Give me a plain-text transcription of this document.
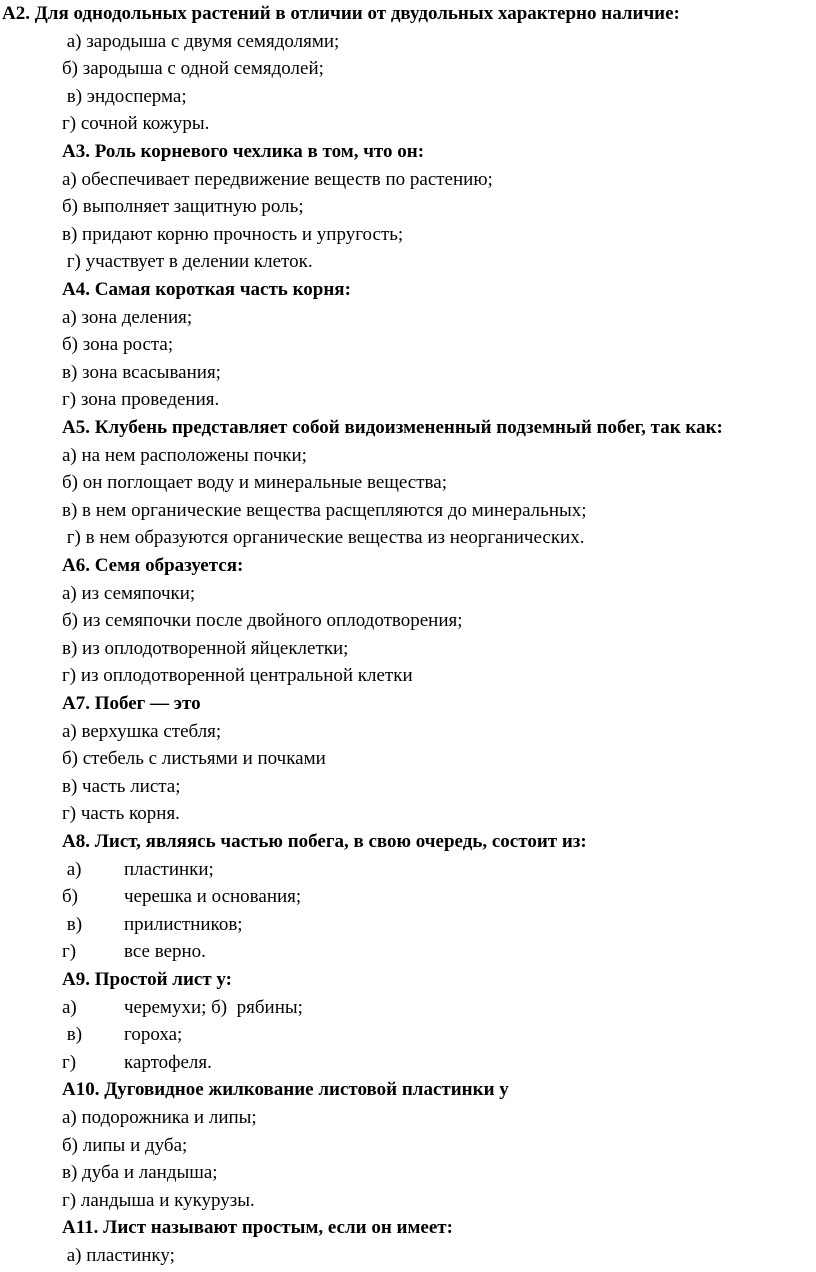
А2. Для однодольных растений в отличии от двудольных характерно наличие:
а) зародыша с двумя семядолями;
б) зародыша с одной семядолей;
в) эндосперма;
г) сочной кожуры.
А3. Роль корневого чехлика в том, что он:
а) обеспечивает передвижение веществ по растению;
б) выполняет защитную роль;
в) придают корню прочность и упругость;
г) участвует в делении клеток.
А4. Самая короткая часть корня:
а) зона деления;
б) зона роста;
в) зона всасывания;
г) зона проведения.
А5. Клубень представляет собой видоизмененный подземный побег, так как:
а) на нем расположены почки;
б) он поглощает воду и минеральные вещества;
в) в нем органические вещества расщепляются до минеральных;
г) в нем образуются органические вещества из неорганических.
А6. Семя образуется:
а) из семяпочки;
б) из семяпочки после двойного оплодотворения;
в) из оплодотворенной яйцеклетки;
г) из оплодотворенной центральной клетки
А7. Побег — это
а) верхушка стебля;
б) стебель с листьями и почками
в) часть листа;
г) часть корня.
А8. Лист, являясь частью побега, в свою очередь, состоит из:
а) пластинки;
б) черешка и основания;
в) прилистников;
г)	все верно.
А9. Простой лист у:
а) черемухи; б)  рябины;
в) гороха;
г)	картофеля.
А10. Дуговидное жилкование листовой пластинки у
а) подорожника и липы;
б) липы и дуба;
в) дуба и ландыша;
г) ландыша и кукурузы.
А11. Лист называют простым, если он имеет:
а) пластинку;
